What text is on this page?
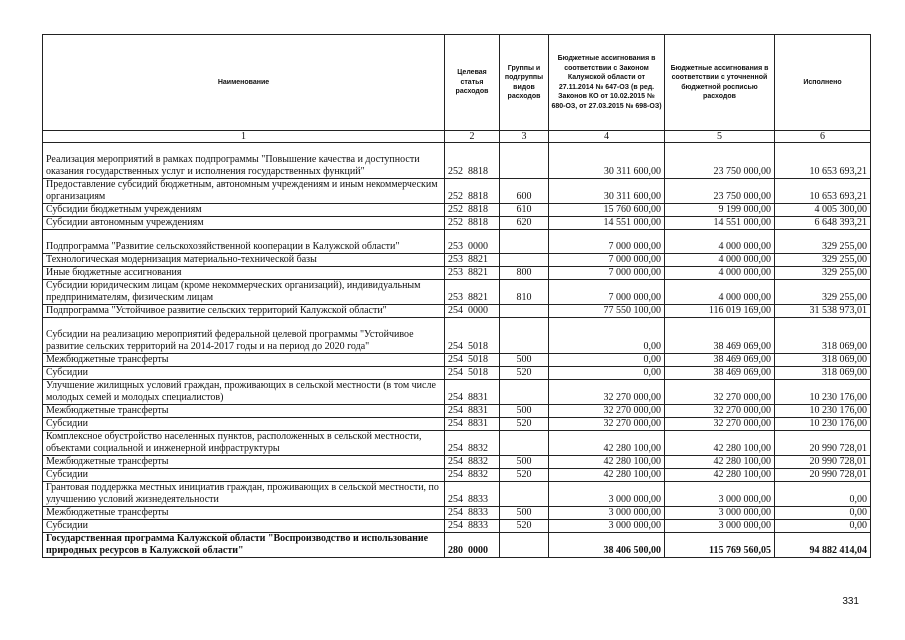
Наименование	Целевая статья расходов	Группы и подгруппы видов расходов	Бюджетные ассигнования в соответствии с Законом Калужской области от 27.11.2014 № 647-ОЗ (в ред. Законов КО от 10.02.2015 № 680-ОЗ, от 27.03.2015 № 698-ОЗ)	Бюджетные ассигнования в соответствии с уточненной бюджетной росписью расходов	Исполнено
1	2	3	4	5	6
Реализация мероприятий в рамках подпрограммы "Повышение качества и доступности оказания государственных услуг и исполнения государственных функций"	252  8818		30 311 600,00	23 750 000,00	10 653 693,21
Предоставление субсидий бюджетным, автономным учреждениям и иным некоммерческим организациям	252  8818	600	30 311 600,00	23 750 000,00	10 653 693,21
Субсидии бюджетным учреждениям	252  8818	610	15 760 600,00	9 199 000,00	4 005 300,00
Субсидии автономным учреждениям	252  8818	620	14 551 000,00	14 551 000,00	6 648 393,21
Подпрограмма "Развитие сельскохозяйственной кооперации в Калужской области"	253  0000		7 000 000,00	4 000 000,00	329 255,00
Технологическая модернизация материально-технической базы	253  8821		7 000 000,00	4 000 000,00	329 255,00
Иные бюджетные ассигнования	253  8821	800	7 000 000,00	4 000 000,00	329 255,00
Субсидии юридическим лицам (кроме некоммерческих организаций), индивидуальным предпринимателям, физическим лицам	253  8821	810	7 000 000,00	4 000 000,00	329 255,00
Подпрограмма "Устойчивое развитие сельских территорий Калужской области"	254  0000		77 550 100,00	116 019 169,00	31 538 973,01
Субсидии на реализацию мероприятий федеральной целевой программы "Устойчивое развитие сельских территорий на 2014-2017 годы и на период до 2020 года"	254  5018		0,00	38 469 069,00	318 069,00
Межбюджетные трансферты	254  5018	500	0,00	38 469 069,00	318 069,00
Субсидии	254  5018	520	0,00	38 469 069,00	318 069,00
Улучшение жилищных условий граждан, проживающих в сельской местности (в том числе молодых семей и молодых специалистов)	254  8831		32 270 000,00	32 270 000,00	10 230 176,00
Межбюджетные трансферты	254  8831	500	32 270 000,00	32 270 000,00	10 230 176,00
Субсидии	254  8831	520	32 270 000,00	32 270 000,00	10 230 176,00
Комплексное обустройство населенных пунктов, расположенных в сельской местности, объектами социальной и инженерной инфраструктуры	254  8832		42 280 100,00	42 280 100,00	20 990 728,01
Межбюджетные трансферты	254  8832	500	42 280 100,00	42 280 100,00	20 990 728,01
Субсидии	254  8832	520	42 280 100,00	42 280 100,00	20 990 728,01
Грантовая поддержка местных инициатив граждан, проживающих в сельской местности, по улучшению условий жизнедеятельности	254  8833		3 000 000,00	3 000 000,00	0,00
Межбюджетные трансферты	254  8833	500	3 000 000,00	3 000 000,00	0,00
Субсидии	254  8833	520	3 000 000,00	3 000 000,00	0,00
Государственная программа Калужской области "Воспроизводство и использование природных ресурсов в Калужской области"	280  0000		38 406 500,00	115 769 560,05	94 882 414,04
331
